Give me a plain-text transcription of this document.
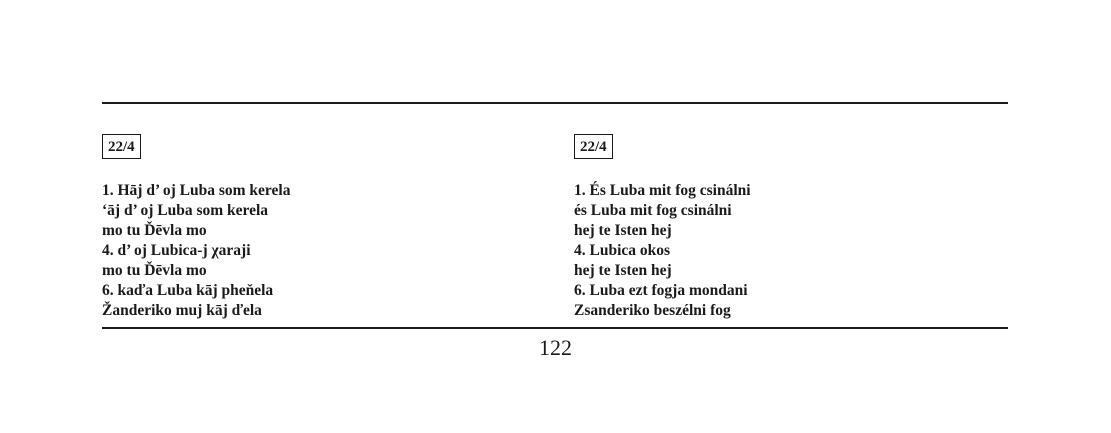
22/4
1. Hāj d’ oj Luba som kerela
‘āj d’ oj Luba som kerela
mo tu Ďēvla mo
4. d’ oj Lubica-j χaraji
mo tu Ďēvla mo
6. kaďa Luba kāj pheňela
Žanderiko muj kāj ďela
22/4
1. És Luba mit fog csinálni
és Luba mit fog csinálni
hej te Isten hej
4. Lubica okos
hej te Isten hej
6. Luba ezt fogja mondani
Zsanderiko beszélni fog
122
